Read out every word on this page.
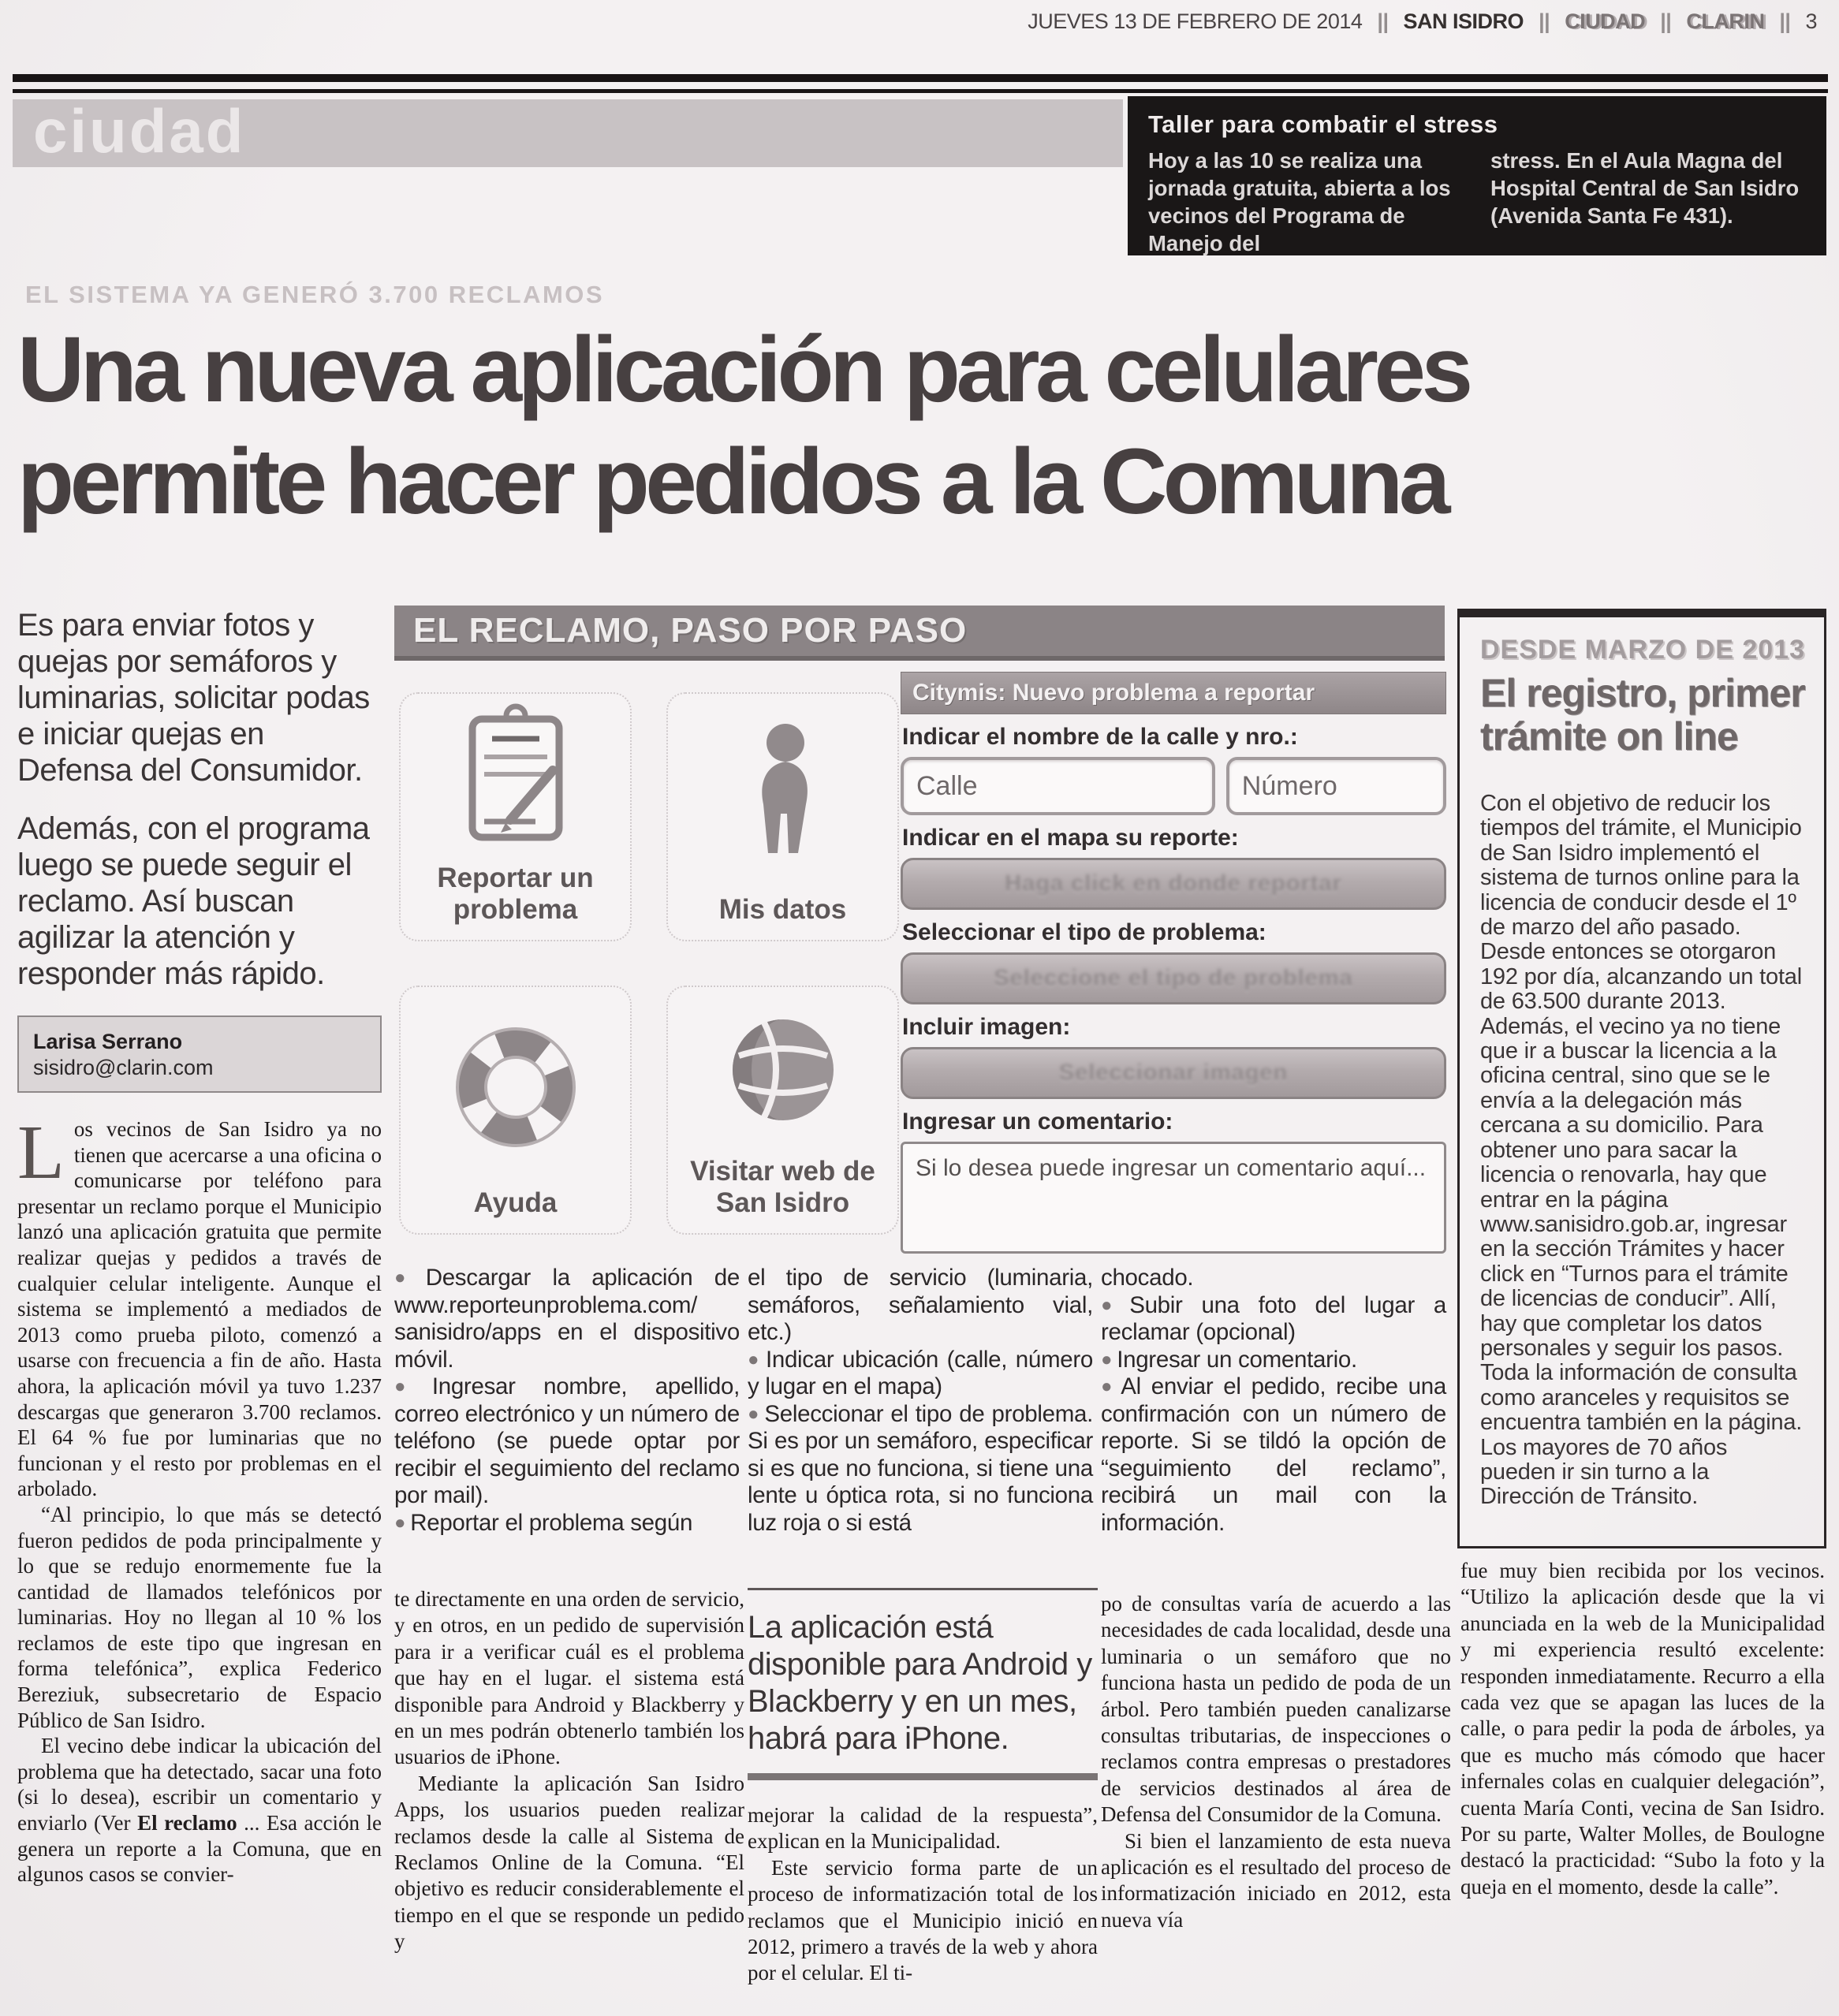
JUEVES 13 DE FEBRERO DE 2014 || SAN ISIDRO || CIUDAD || CLARIN || 3
ciudad	Taller para combatir el stress
Hoy a las 10 se realiza una jornada gratuita, abierta a los vecinos del Programa de Manejo del
stress. En el Aula Magna del Hospital Central de San Isidro (Avenida Santa Fe 431).
EL SISTEMA YA GENERÓ 3.700 RECLAMOS
Una nueva aplicación para celulares
permite hacer pedidos a la Comuna

Es para enviar fotos y quejas por semáforos y luminarias, solicitar podas e iniciar quejas en Defensa del Consumidor.

Además, con el programa luego se puede seguir el reclamo. Así buscan agilizar la atención y responder más rápido.

Larisa Serrano
sisidro@clarin.com

Los vecinos de San Isidro ya no tienen que acercarse a una oficina o comunicarse por teléfono para presentar un reclamo porque el Municipio lanzó una aplicación gratuita que permite realizar quejas y pedidos a través de cualquier celular inteligente. Aunque el sistema se implementó a mediados de 2013 como prueba piloto, comenzó a usarse con frecuencia a fin de año. Hasta ahora, la aplicación móvil ya tuvo 1.237 descargas que generaron 3.700 reclamos. El 64 % fue por luminarias que no funcionan y el resto por problemas en el arbolado.

“Al principio, lo que más se detectó fueron pedidos de poda principalmente y lo que se redujo enormemente fue la cantidad de llamados telefónicos por luminarias. Hoy no llegan al 10 % los reclamos de este tipo que ingresan en forma telefónica”, explica Federico Bereziuk, subsecretario de Espacio Público de San Isidro.

El vecino debe indicar la ubicación del problema que ha detectado, sacar una foto (si lo desea), escribir un comentario y enviarlo (Ver El reclamo ... Esa acción le genera un reporte a la Comuna, que en algunos casos se convier-

EL RECLAMO, PASO POR PASO
Reportar un problema	Mis datos
Ayuda
Visitar web de San Isidro
Citymis: Nuevo problema a reportar
Indicar el nombre de la calle y nro.:
Calle
Número
Indicar en el mapa su reporte:
Haga click en donde reportar
Seleccionar el tipo de problema:
Seleccione el tipo de problema
Incluir imagen:
Seleccionar imagen
Ingresar un comentario:
Si lo desea puede ingresar un comentario aquí...

● Descargar la aplicación de www.reporteunproblema.com/ sanisidro/apps en el dispositivo móvil.

● Ingresar nombre, apellido, correo electrónico y un número de teléfono (se puede optar por recibir el seguimiento del reclamo por mail).

● Reportar el problema según

el tipo de servicio (luminaria, semáforos, señalamiento vial, etc.)

● Indicar ubicación (calle, número y lugar en el mapa)

● Seleccionar el tipo de problema. Si es por un semáforo, especificar si es que no funciona, si tiene una lente u óptica rota, si no funciona luz roja o si está

chocado.

● Subir una foto del lugar a reclamar (opcional)

● Ingresar un comentario.

● Al enviar el pedido, recibe una confirmación con un número de reporte. Si se tildó la opción de “seguimiento del reclamo”, recibirá un mail con la información.

DESDE MARZO DE 2013
El registro, primer trámite on line
Con el objetivo de reducir los tiempos del trámite, el Municipio de San Isidro implementó el sistema de turnos online para la licencia de conducir desde el 1º de marzo del año pasado. Desde entonces se otorgaron 192 por día, alcanzando un total de 63.500 durante 2013. Además, el vecino ya no tiene que ir a buscar la licencia a la oficina central, sino que se le envía a la delegación más cercana a su domicilio. Para obtener uno para sacar la licencia o renovarla, hay que entrar en la página www.sanisidro.gob.ar, ingresar en la sección Trámites y hacer click en “Turnos para el trámite de licencias de conducir”. Allí, hay que completar los datos personales y seguir los pasos. Toda la información de consulta como aranceles y requisitos se encuentra también en la página. Los mayores de 70 años pueden ir sin turno a la Dirección de Tránsito.

te directamente en una orden de servicio, y en otros, en un pedido de supervisión para ir a verificar cuál es el problema que hay en el lugar. el sistema está disponible para Android y Blackberry y en un mes podrán obtenerlo también los usuarios de iPhone.

Mediante la aplicación San Isidro Apps, los usuarios pueden realizar reclamos desde la calle al Sistema de Reclamos Online de la Comuna. “El objetivo es reducir considerablemente el tiempo en el que se responde un pedido y

La aplicación está disponible para Android y Blackberry y en un mes, habrá para iPhone.

mejorar la calidad de la respuesta”, explican en la Municipalidad.

Este servicio forma parte de un proceso de informatización total de los reclamos que el Municipio inició en 2012, primero a través de la web y ahora por el celular. El ti-

po de consultas varía de acuerdo a las necesidades de cada localidad, desde una luminaria o un semáforo que no funciona hasta un pedido de poda de un árbol. Pero también pueden canalizarse consultas tributarias, de inspecciones o reclamos contra empresas o prestadores de servicios destinados al área de Defensa del Consumidor de la Comuna.

Si bien el lanzamiento de esta nueva aplicación es el resultado del proceso de informatización iniciado en 2012, esta nueva vía

fue muy bien recibida por los vecinos. “Utilizo la aplicación desde que la vi anunciada en la web de la Municipalidad y mi experiencia resultó excelente: responden inmediatamente. Recurro a ella cada vez que se apagan las luces de la calle, o para pedir la poda de árboles, ya que es mucho más cómodo que hacer infernales colas en cualquier delegación”, cuenta María Conti, vecina de San Isidro. Por su parte, Walter Molles, de Boulogne destacó la practicidad: “Subo la foto y la queja en el momento, desde la calle”.
